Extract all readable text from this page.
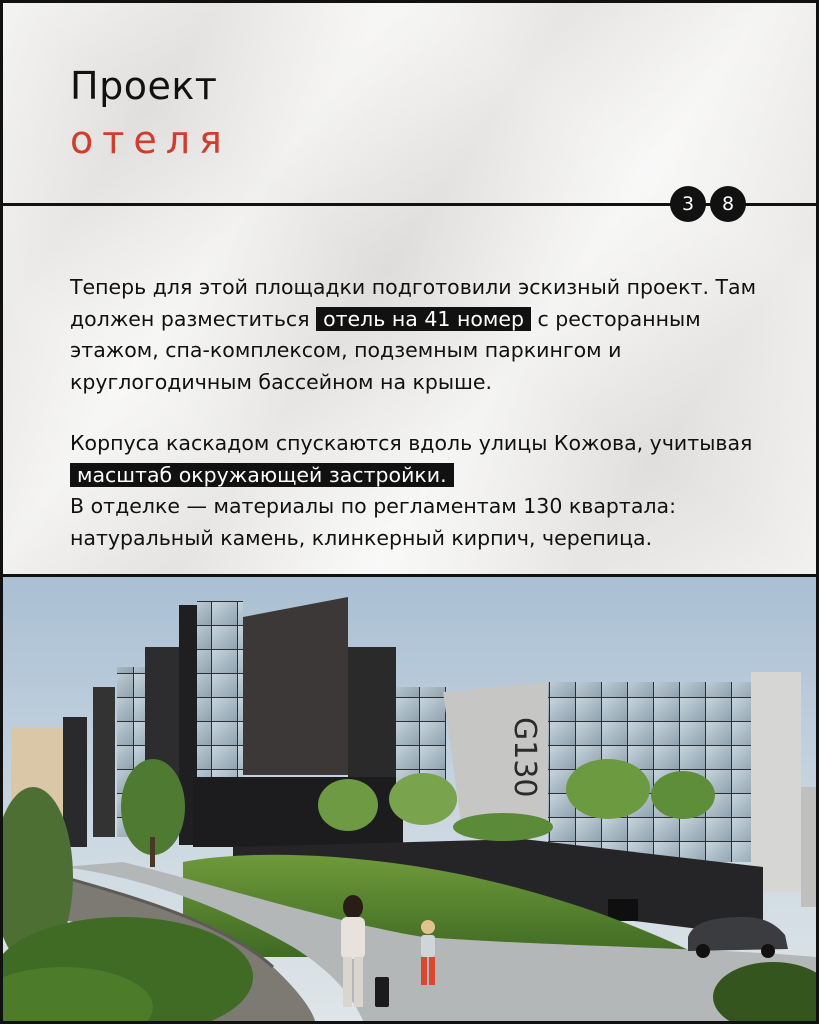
Проект
отеля
3	8

Теперь для этой площадки подготовили эскизный проект. Там должен разместиться отель на 41 номер с ресторанным этажом, спа-комплексом, подземным паркингом и круглогодичным бассейном на крыше.

Корпуса каскадом спускаются вдоль улицы Кожова, учитывая масштаб окружающей застройки.
В отделке — материалы по регламентам 130 квартала: натуральный камень, клинкерный кирпич, черепица.

G130
